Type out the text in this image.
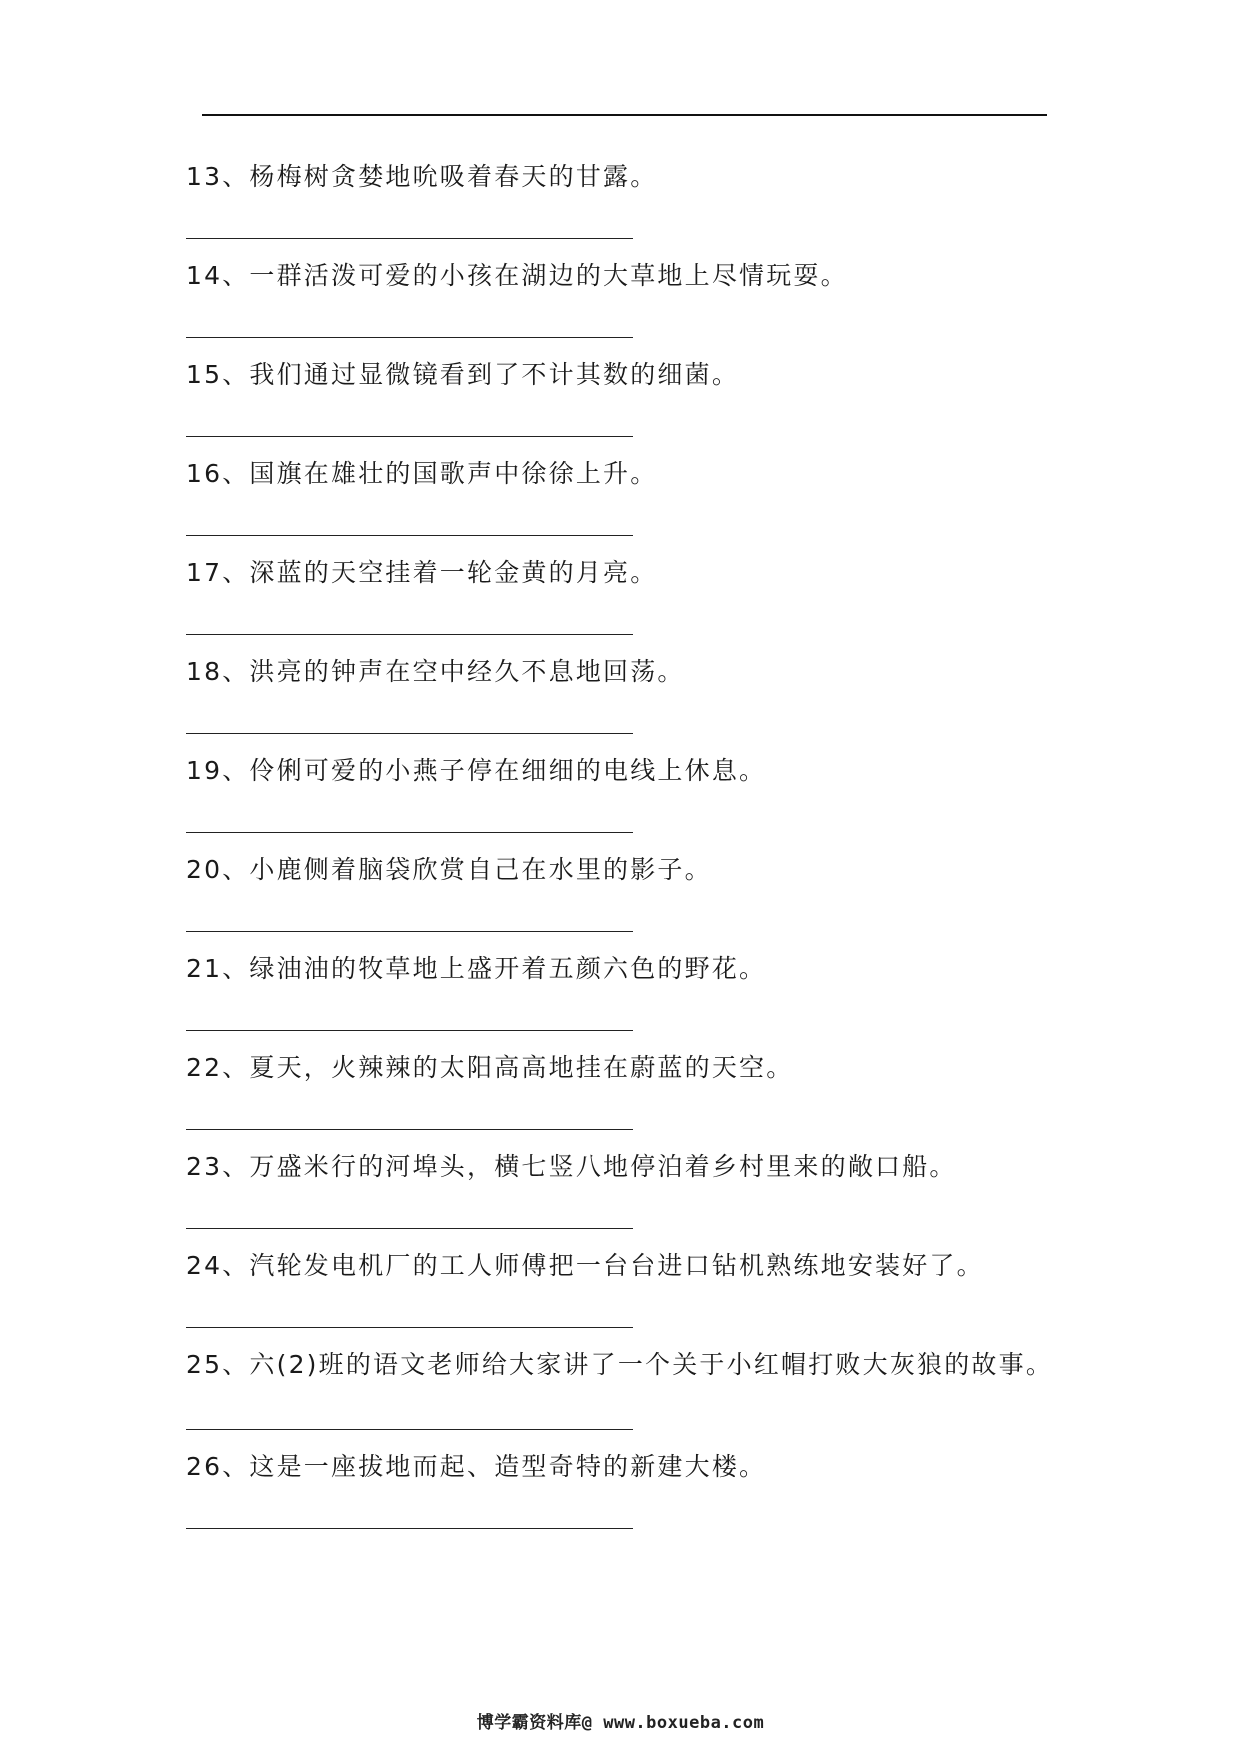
13、杨梅树贪婪地吮吸着春天的甘露。

14、一群活泼可爱的小孩在湖边的大草地上尽情玩耍。

15、我们通过显微镜看到了不计其数的细菌。

16、国旗在雄壮的国歌声中徐徐上升。

17、深蓝的天空挂着一轮金黄的月亮。

18、洪亮的钟声在空中经久不息地回荡。

19、伶俐可爱的小燕子停在细细的电线上休息。

20、小鹿侧着脑袋欣赏自己在水里的影子。

21、绿油油的牧草地上盛开着五颜六色的野花。

22、夏天，火辣辣的太阳高高地挂在蔚蓝的天空。

23、万盛米行的河埠头，横七竖八地停泊着乡村里来的敞口船。

24、汽轮发电机厂的工人师傅把一台台进口钻机熟练地安装好了。

25、六(2)班的语文老师给大家讲了一个关于小红帽打败大灰狼的故事。

26、这是一座拔地而起、造型奇特的新建大楼。

博学霸资料库@ www.boxueba.com
